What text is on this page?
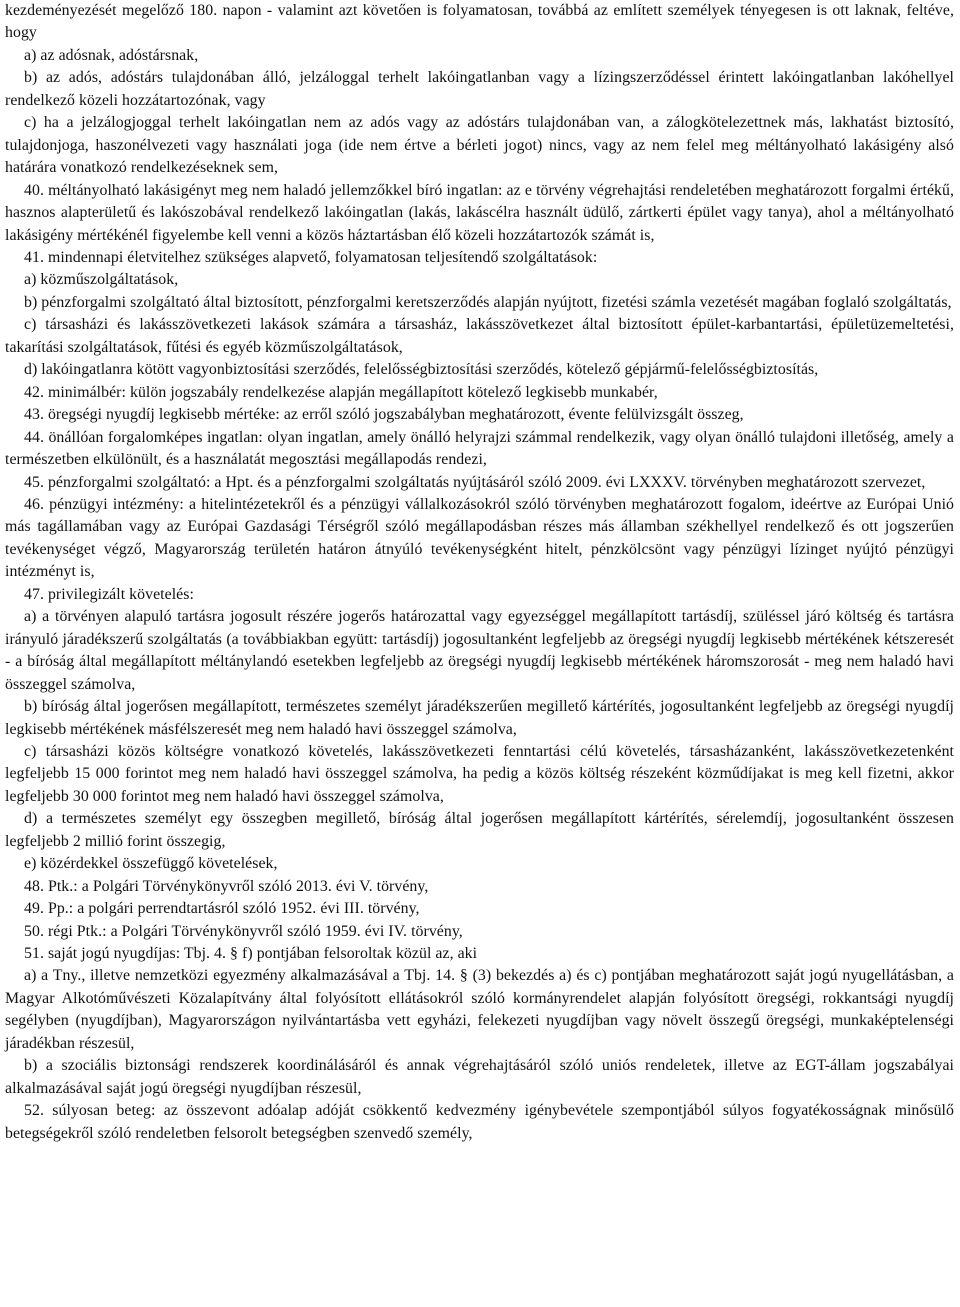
kezdeményezését megelőző 180. napon - valamint azt követően is folyamatosan, továbbá az említett személyek tényegesen is ott laknak, feltéve, hogy

a) az adósnak, adóstársnak,

b) az adós, adóstárs tulajdonában álló, jelzáloggal terhelt lakóingatlanban vagy a lízingszerződéssel érintett lakóingatlanban lakóhellyel rendelkező közeli hozzátartozónak, vagy

c) ha a jelzálogjoggal terhelt lakóingatlan nem az adós vagy az adóstárs tulajdonában van, a zálogkötelezettnek más, lakhatást biztosító, tulajdonjoga, haszonélvezeti vagy használati joga (ide nem értve a bérleti jogot) nincs, vagy az nem felel meg méltányolható lakásigény alsó határára vonatkozó rendelkezéseknek sem,

40. méltányolható lakásigényt meg nem haladó jellemzőkkel bíró ingatlan: az e törvény végrehajtási rendeletében meghatározott forgalmi értékű, hasznos alapterületű és lakószobával rendelkező lakóingatlan (lakás, lakáscélra használt üdülő, zártkerti épület vagy tanya), ahol a méltányolható lakásigény mértékénél figyelembe kell venni a közös háztartásban élő közeli hozzátartozók számát is,

41. mindennapi életvitelhez szükséges alapvető, folyamatosan teljesítendő szolgáltatások:

a) közműszolgáltatások,

b) pénzforgalmi szolgáltató által biztosított, pénzforgalmi keretszerződés alapján nyújtott, fizetési számla vezetését magában foglaló szolgáltatás,

c) társasházi és lakásszövetkezeti lakások számára a társasház, lakásszövetkezet által biztosított épület-karbantartási, épületüzemeltetési, takarítási szolgáltatások, fűtési és egyéb közműszolgáltatások,

d) lakóingatlanra kötött vagyonbiztosítási szerződés, felelősségbiztosítási szerződés, kötelező gépjármű-felelősségbiztosítás,

42. minimálbér: külön jogszabály rendelkezése alapján megállapított kötelező legkisebb munkabér,

43. öregségi nyugdíj legkisebb mértéke: az erről szóló jogszabályban meghatározott, évente felülvizsgált összeg,

44. önállóan forgalomképes ingatlan: olyan ingatlan, amely önálló helyrajzi számmal rendelkezik, vagy olyan önálló tulajdoni illetőség, amely a természetben elkülönült, és a használatát megosztási megállapodás rendezi,

45. pénzforgalmi szolgáltató: a Hpt. és a pénzforgalmi szolgáltatás nyújtásáról szóló 2009. évi LXXXV. törvényben meghatározott szervezet,

46. pénzügyi intézmény: a hitelintézetekről és a pénzügyi vállalkozásokról szóló törvényben meghatározott fogalom, ideértve az Európai Unió más tagállamában vagy az Európai Gazdasági Térségről szóló megállapodásban részes más államban székhellyel rendelkező és ott jogszerűen tevékenységet végző, Magyarország területén határon átnyúló tevékenységként hitelt, pénzkölcsönt vagy pénzügyi lízinget nyújtó pénzügyi intézményt is,

47. privilegizált követelés:

a) a törvényen alapuló tartásra jogosult részére jogerős határozattal vagy egyezséggel megállapított tartásdíj, szüléssel járó költség és tartásra irányuló járadékszerű szolgáltatás (a továbbiakban együtt: tartásdíj) jogosultanként legfeljebb az öregségi nyugdíj legkisebb mértékének kétszeresét - a bíróság által megállapított méltánylandó esetekben legfeljebb az öregségi nyugdíj legkisebb mértékének háromszorosát - meg nem haladó havi összeggel számolva,

b) bíróság által jogerősen megállapított, természetes személyt járadékszerűen megillető kártérítés, jogosultanként legfeljebb az öregségi nyugdíj legkisebb mértékének másfélszeresét meg nem haladó havi összeggel számolva,

c) társasházi közös költségre vonatkozó követelés, lakásszövetkezeti fenntartási célú követelés, társasházanként, lakásszövetkezetenként legfeljebb 15 000 forintot meg nem haladó havi összeggel számolva, ha pedig a közös költség részeként közműdíjakat is meg kell fizetni, akkor legfeljebb 30 000 forintot meg nem haladó havi összeggel számolva,

d) a természetes személyt egy összegben megillető, bíróság által jogerősen megállapított kártérítés, sérelemdíj, jogosultanként összesen legfeljebb 2 millió forint összegig,

e) közérdekkel összefüggő követelések,

48. Ptk.: a Polgári Törvénykönyvről szóló 2013. évi V. törvény,

49. Pp.: a polgári perrendtartásról szóló 1952. évi III. törvény,

50. régi Ptk.: a Polgári Törvénykönyvről szóló 1959. évi IV. törvény,

51. saját jogú nyugdíjas: Tbj. 4. § f) pontjában felsoroltak közül az, aki

a) a Tny., illetve nemzetközi egyezmény alkalmazásával a Tbj. 14. § (3) bekezdés a) és c) pontjában meghatározott saját jogú nyugellátásban, a Magyar Alkotóművészeti Közalapítvány által folyósított ellátásokról szóló kormányrendelet alapján folyósított öregségi, rokkantsági nyugdíj segélyben (nyugdíjban), Magyarországon nyilvántartásba vett egyházi, felekezeti nyugdíjban vagy növelt összegű öregségi, munkaképtelenségi járadékban részesül,

b) a szociális biztonsági rendszerek koordinálásáról és annak végrehajtásáról szóló uniós rendeletek, illetve az EGT-állam jogszabályai alkalmazásával saját jogú öregségi nyugdíjban részesül,

52. súlyosan beteg: az összevont adóalap adóját csökkentő kedvezmény igénybevétele szempontjából súlyos fogyatékosságnak minősülő betegségekről szóló rendeletben felsorolt betegségben szenvedő személy,
